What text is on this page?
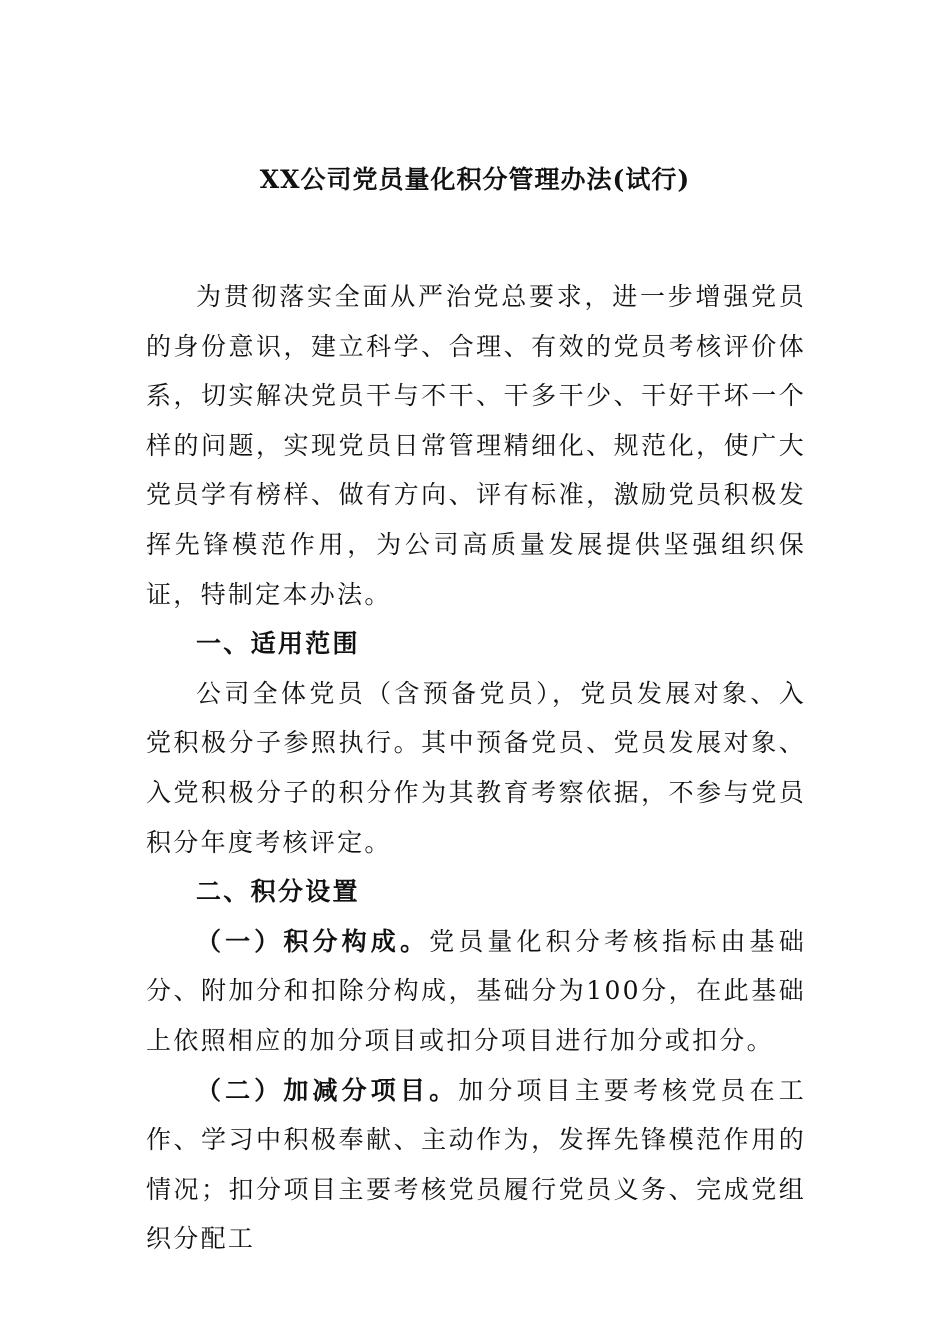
XX公司党员量化积分管理办法(试行)

为贯彻落实全面从严治党总要求，进一步增强党员的身份意识，建立科学、合理、有效的党员考核评价体系，切实解决党员干与不干、干多干少、干好干坏一个样的问题，实现党员日常管理精细化、规范化，使广大党员学有榜样、做有方向、评有标准，激励党员积极发挥先锋模范作用，为公司高质量发展提供坚强组织保证，特制定本办法。

一、适用范围

公司全体党员（含预备党员），党员发展对象、入党积极分子参照执行。其中预备党员、党员发展对象、入党积极分子的积分作为其教育考察依据，不参与党员积分年度考核评定。

二、积分设置

（一）积分构成。党员量化积分考核指标由基础分、附加分和扣除分构成，基础分为100分，在此基础上依照相应的加分项目或扣分项目进行加分或扣分。

（二）加减分项目。加分项目主要考核党员在工作、学习中积极奉献、主动作为，发挥先锋模范作用的情况；扣分项目主要考核党员履行党员义务、完成党组织分配工
